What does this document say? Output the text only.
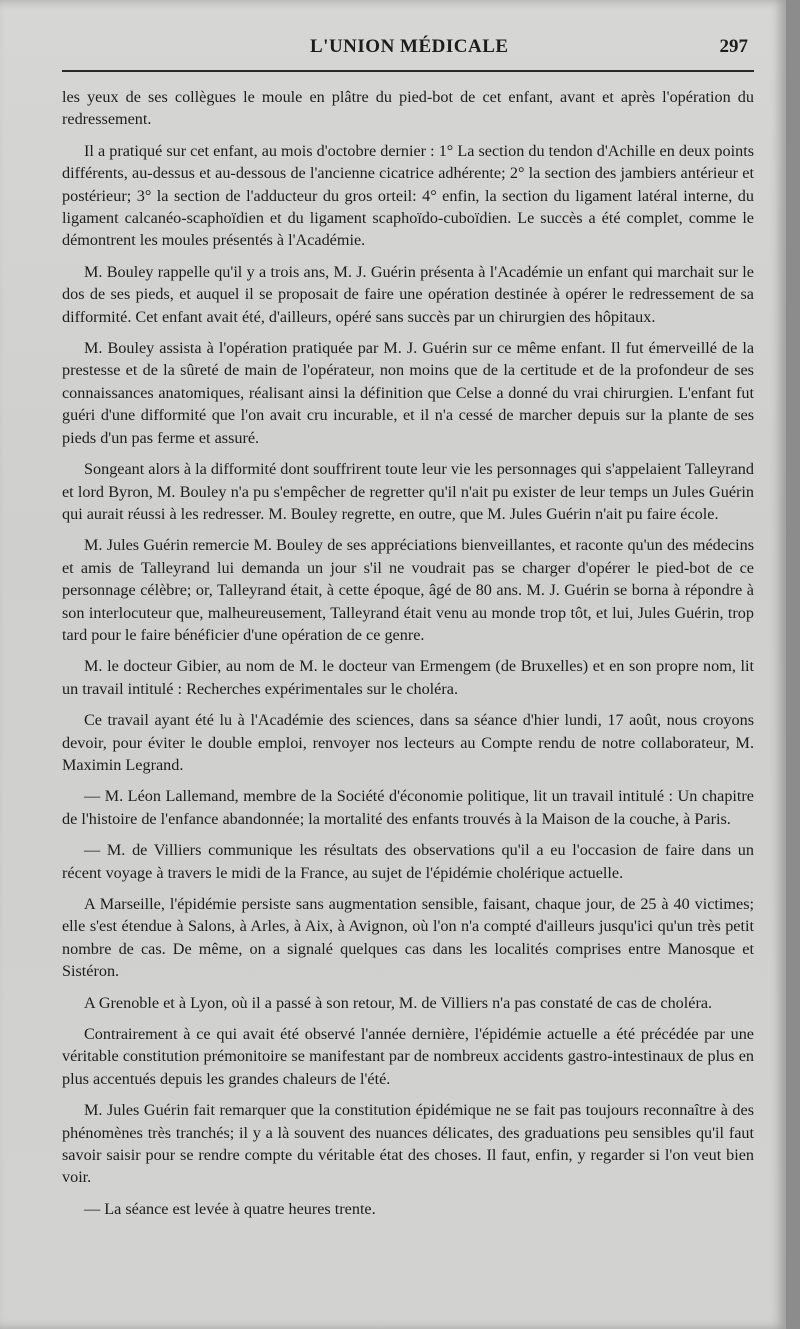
L'UNION MÉDICALE	297

les yeux de ses collègues le moule en plâtre du pied-bot de cet enfant, avant et après l'opération du redressement.

Il a pratiqué sur cet enfant, au mois d'octobre dernier : 1° La section du tendon d'Achille en deux points différents, au-dessus et au-dessous de l'ancienne cicatrice adhérente; 2° la section des jambiers antérieur et postérieur; 3° la section de l'adducteur du gros orteil: 4° enfin, la section du ligament latéral interne, du ligament calcanéo-scaphoïdien et du ligament scaphoïdo-cuboïdien. Le succès a été complet, comme le démontrent les moules présentés à l'Académie.

M. Bouley rappelle qu'il y a trois ans, M. J. Guérin présenta à l'Académie un enfant qui marchait sur le dos de ses pieds, et auquel il se proposait de faire une opération destinée à opérer le redressement de sa difformité. Cet enfant avait été, d'ailleurs, opéré sans succès par un chirurgien des hôpitaux.

M. Bouley assista à l'opération pratiquée par M. J. Guérin sur ce même enfant. Il fut émerveillé de la prestesse et de la sûreté de main de l'opérateur, non moins que de la certitude et de la profondeur de ses connaissances anatomiques, réalisant ainsi la définition que Celse a donné du vrai chirurgien. L'enfant fut guéri d'une difformité que l'on avait cru incurable, et il n'a cessé de marcher depuis sur la plante de ses pieds d'un pas ferme et assuré.

Songeant alors à la difformité dont souffrirent toute leur vie les personnages qui s'appelaient Talleyrand et lord Byron, M. Bouley n'a pu s'empêcher de regretter qu'il n'ait pu exister de leur temps un Jules Guérin qui aurait réussi à les redresser. M. Bouley regrette, en outre, que M. Jules Guérin n'ait pu faire école.

M. Jules Guérin remercie M. Bouley de ses appréciations bienveillantes, et raconte qu'un des médecins et amis de Talleyrand lui demanda un jour s'il ne voudrait pas se charger d'opérer le pied-bot de ce personnage célèbre; or, Talleyrand était, à cette époque, âgé de 80 ans. M. J. Guérin se borna à répondre à son interlocuteur que, malheureusement, Talleyrand était venu au monde trop tôt, et lui, Jules Guérin, trop tard pour le faire bénéficier d'une opération de ce genre.

M. le docteur Gibier, au nom de M. le docteur van Ermengem (de Bruxelles) et en son propre nom, lit un travail intitulé : Recherches expérimentales sur le choléra.

Ce travail ayant été lu à l'Académie des sciences, dans sa séance d'hier lundi, 17 août, nous croyons devoir, pour éviter le double emploi, renvoyer nos lecteurs au Compte rendu de notre collaborateur, M. Maximin Legrand.

— M. Léon Lallemand, membre de la Société d'économie politique, lit un travail intitulé : Un chapitre de l'histoire de l'enfance abandonnée; la mortalité des enfants trouvés à la Maison de la couche, à Paris.

— M. de Villiers communique les résultats des observations qu'il a eu l'occasion de faire dans un récent voyage à travers le midi de la France, au sujet de l'épidémie cholérique actuelle.

A Marseille, l'épidémie persiste sans augmentation sensible, faisant, chaque jour, de 25 à 40 victimes; elle s'est étendue à Salons, à Arles, à Aix, à Avignon, où l'on n'a compté d'ailleurs jusqu'ici qu'un très petit nombre de cas. De même, on a signalé quelques cas dans les localités comprises entre Manosque et Sistéron.

A Grenoble et à Lyon, où il a passé à son retour, M. de Villiers n'a pas constaté de cas de choléra.

Contrairement à ce qui avait été observé l'année dernière, l'épidémie actuelle a été précédée par une véritable constitution prémonitoire se manifestant par de nombreux accidents gastro-intestinaux de plus en plus accentués depuis les grandes chaleurs de l'été.

M. Jules Guérin fait remarquer que la constitution épidémique ne se fait pas toujours reconnaître à des phénomènes très tranchés; il y a là souvent des nuances délicates, des graduations peu sensibles qu'il faut savoir saisir pour se rendre compte du véritable état des choses. Il faut, enfin, y regarder si l'on veut bien voir.

— La séance est levée à quatre heures trente.
